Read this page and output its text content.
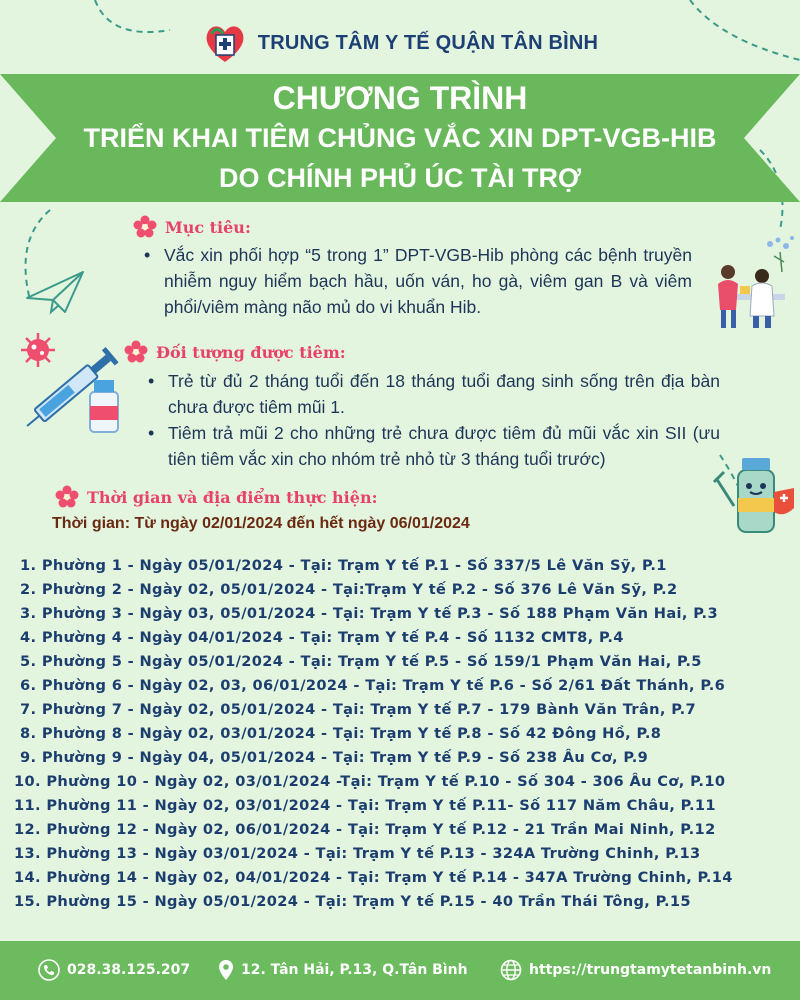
TRUNG TÂM Y TẾ QUẬN TÂN BÌNH
CHƯƠNG TRÌNH
TRIỂN KHAI TIÊM CHỦNG VẮC XIN DPT-VGB-HIB
DO CHÍNH PHỦ ÚC TÀI TRỢ
Mục tiêu:
• Vắc xin phối hợp “5 trong 1” DPT-VGB-Hib phòng các bệnh truyền nhiễm nguy hiểm bạch hầu, uốn ván, ho gà, viêm gan B và viêm phổi/viêm màng não mủ do vi khuẩn Hib.
Đối tượng được tiêm:
• Trẻ từ đủ 2 tháng tuổi đến 18 tháng tuổi đang sinh sống trên địa bàn chưa được tiêm mũi 1.
• Tiêm trả mũi 2 cho những trẻ chưa được tiêm đủ mũi vắc xin SII (ưu tiên tiêm vắc xin cho nhóm trẻ nhỏ từ 3 tháng tuổi trước)
Thời gian và địa điểm thực hiện:
Thời gian: Từ ngày 02/01/2024 đến hết ngày 06/01/2024
1. Phường 1 - Ngày 05/01/2024 - Tại: Trạm Y tế P.1 - Số 337/5 Lê Văn Sỹ, P.1
2. Phường 2 - Ngày 02, 05/01/2024 - Tại:Trạm Y tế P.2 - Số 376 Lê Văn Sỹ, P.2
3. Phường 3 - Ngày 03, 05/01/2024 - Tại: Trạm Y tế P.3 - Số 188 Phạm Văn Hai, P.3
4. Phường 4 - Ngày 04/01/2024 - Tại: Trạm Y tế P.4 - Số 1132 CMT8, P.4
5. Phường 5 - Ngày 05/01/2024 - Tại: Trạm Y tế P.5 - Số 159/1 Phạm Văn Hai, P.5
6. Phường 6 - Ngày 02, 03, 06/01/2024 - Tại: Trạm Y tế P.6 - Số 2/61 Đất Thánh, P.6
7. Phường 7 - Ngày 02, 05/01/2024 - Tại: Trạm Y tế P.7 - 179 Bành Văn Trân, P.7
8. Phường 8 - Ngày 02, 03/01/2024 - Tại: Trạm Y tế P.8 - Số 42 Đông Hồ, P.8
9. Phường 9 - Ngày 04, 05/01/2024 - Tại: Trạm Y tế P.9 - Số 238 Âu Cơ, P.9
10. Phường 10 - Ngày 02, 03/01/2024 -Tại: Trạm Y tế P.10 - Số 304 - 306 Âu Cơ, P.10
11. Phường 11 - Ngày 02, 03/01/2024 - Tại: Trạm Y tế P.11- Số 117 Năm Châu, P.11
12. Phường 12 - Ngày 02, 06/01/2024 - Tại: Trạm Y tế P.12 - 21 Trần Mai Ninh, P.12
13. Phường 13 - Ngày 03/01/2024 - Tại: Trạm Y tế P.13 - 324A Trường Chinh, P.13
14. Phường 14 - Ngày 02, 04/01/2024 - Tại: Trạm Y tế P.14 - 347A Trường Chinh, P.14
15. Phường 15 - Ngày 05/01/2024 - Tại: Trạm Y tế P.15 - 40 Trần Thái Tông, P.15
028.38.125.207	12. Tân Hải, P.13, Q.Tân Bình	https://trungtamytetanbinh.vn
